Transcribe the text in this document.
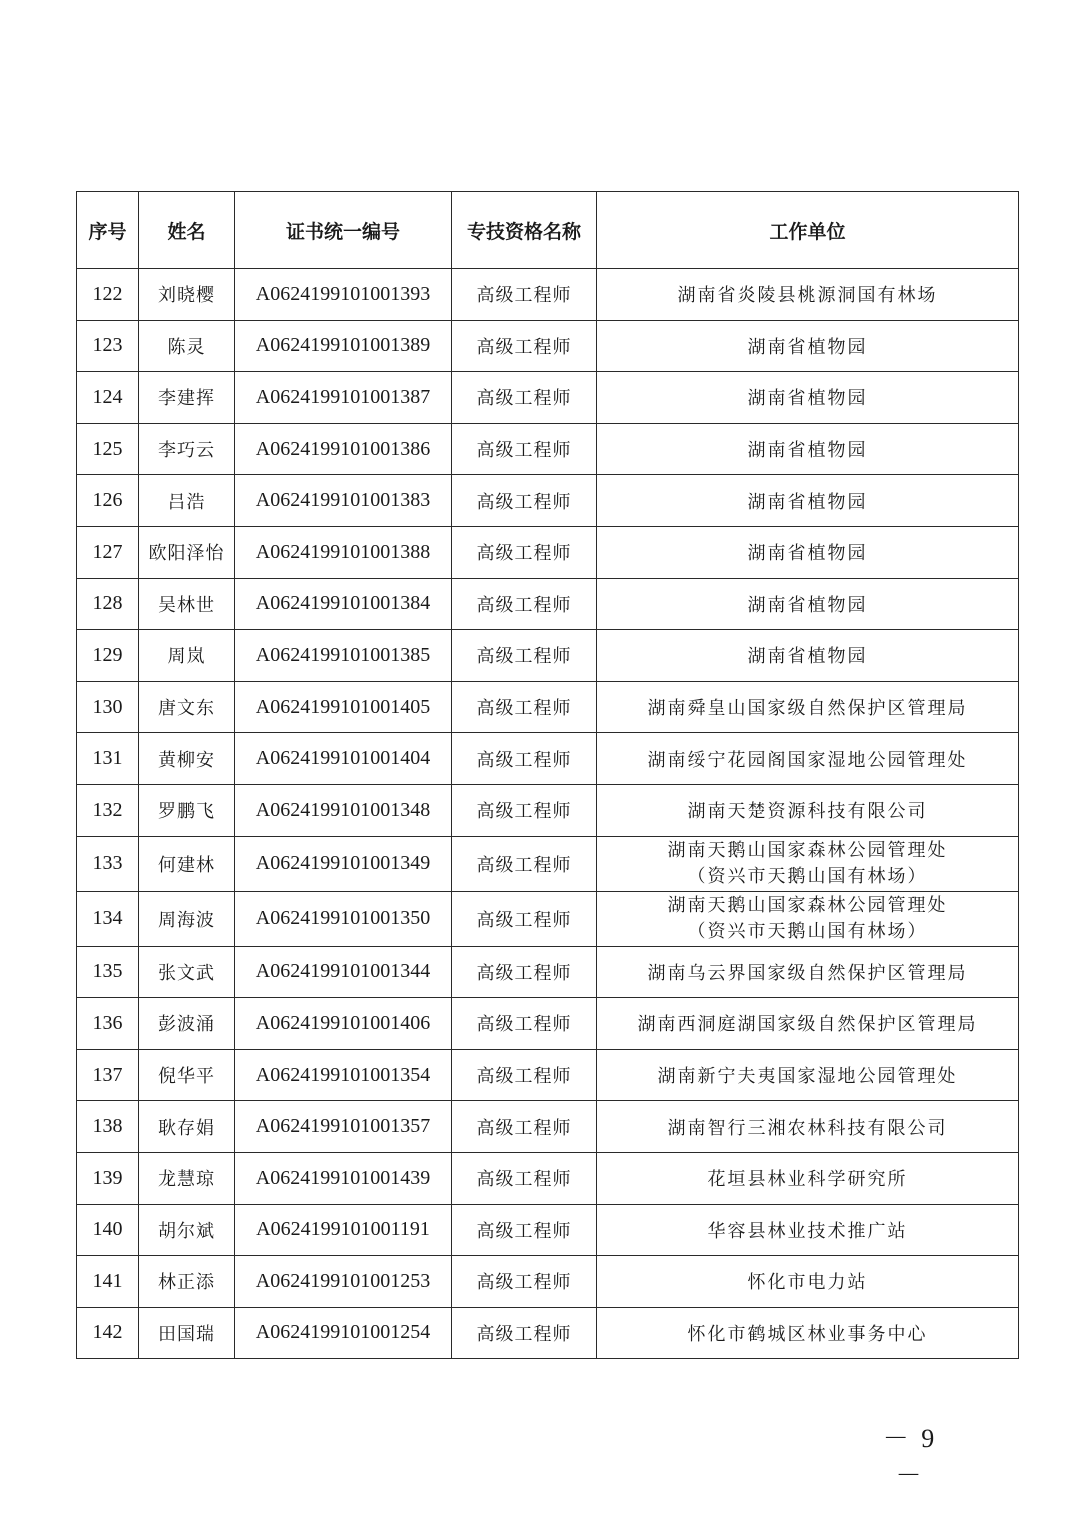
序号	姓名	证书统一编号	专技资格名称	工作单位
122	刘晓樱	A0624199101001393	高级工程师	湖南省炎陵县桃源洞国有林场

123	陈灵	A0624199101001389	高级工程师	湖南省植物园

124	李建挥	A0624199101001387	高级工程师	湖南省植物园

125	李巧云	A0624199101001386	高级工程师	湖南省植物园

126	吕浩	A0624199101001383	高级工程师	湖南省植物园

127	欧阳泽怡	A0624199101001388	高级工程师	湖南省植物园

128	吴林世	A0624199101001384	高级工程师	湖南省植物园

129	周岚	A0624199101001385	高级工程师	湖南省植物园

130	唐文东	A0624199101001405	高级工程师	湖南舜皇山国家级自然保护区管理局

131	黄柳安	A0624199101001404	高级工程师	湖南绥宁花园阁国家湿地公园管理处

132	罗鹏飞	A0624199101001348	高级工程师	湖南天楚资源科技有限公司

133	何建林	A0624199101001349	高级工程师	湖南天鹅山国家森林公园管理处
（资兴市天鹅山国有林场）

134	周海波	A0624199101001350	高级工程师	湖南天鹅山国家森林公园管理处
（资兴市天鹅山国有林场）

135	张文武	A0624199101001344	高级工程师	湖南乌云界国家级自然保护区管理局

136	彭波涌	A0624199101001406	高级工程师	湖南西洞庭湖国家级自然保护区管理局

137	倪华平	A0624199101001354	高级工程师	湖南新宁夫夷国家湿地公园管理处

138	耿存娟	A0624199101001357	高级工程师	湖南智行三湘农林科技有限公司

139	龙慧琼	A0624199101001439	高级工程师	花垣县林业科学研究所

140	胡尔斌	A0624199101001191	高级工程师	华容县林业技术推广站

141	林正添	A0624199101001253	高级工程师	怀化市电力站

142	田国瑞	A0624199101001254	高级工程师	怀化市鹤城区林业事务中心
－ 9 －
